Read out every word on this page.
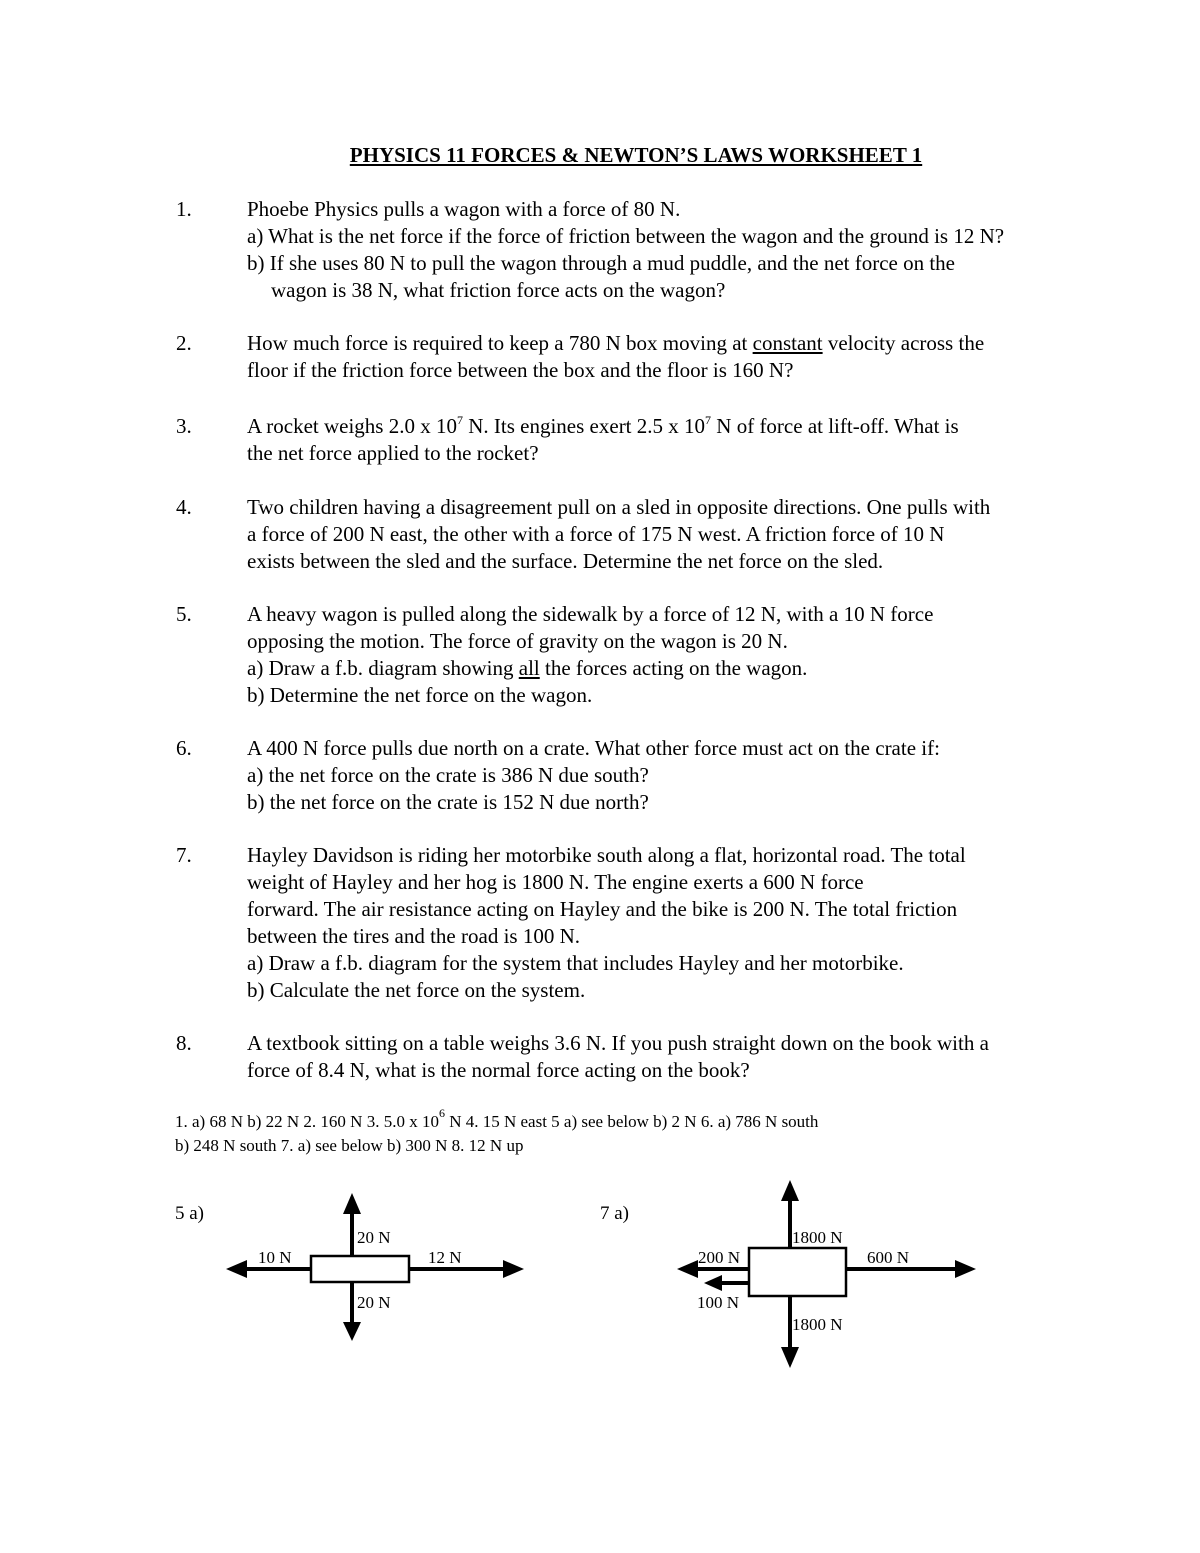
PHYSICS 11 FORCES & NEWTON’S LAWS WORKSHEET 1
1.	Phoebe Physics pulls a wagon with a force of 80 N.
a) What is the net force if the force of friction between the wagon and the ground is 12 N?
b) If she uses 80 N to pull the wagon through a mud puddle, and the net force on the
wagon is 38 N, what friction force acts on the wagon?
2.	How much force is required to keep a 780 N box moving at constant velocity across the
floor if the friction force between the box and the floor is 160 N?
3.	A rocket weighs 2.0 x $10^7$ N. Its engines exert 2.5 x $10^7$ N of force at lift-off. What is
the net force applied to the rocket?
4.	Two children having a disagreement pull on a sled in opposite directions. One pulls with
a force of 200 N east, the other with a force of 175 N west. A friction force of 10 N
exists between the sled and the surface. Determine the net force on the sled.
5.	A heavy wagon is pulled along the sidewalk by a force of 12 N, with a 10 N force
opposing the motion. The force of gravity on the wagon is 20 N.
a) Draw a f.b. diagram showing all the forces acting on the wagon.
b) Determine the net force on the wagon.
6.	A 400 N force pulls due north on a crate. What other force must act on the crate if:
a) the net force on the crate is 386 N due south?
b) the net force on the crate is 152 N due north?
7.	Hayley Davidson is riding her motorbike south along a flat, horizontal road. The total
weight of Hayley and her hog is 1800 N. The engine exerts a 600 N force
forward. The air resistance acting on Hayley and the bike is 200 N. The total friction
between the tires and the road is 100 N.
a) Draw a f.b. diagram for the system that includes Hayley and her motorbike.
b) Calculate the net force on the system.
8.	A textbook sitting on a table weighs 3.6 N. If you push straight down on the book with a
force of 8.4 N, what is the normal force acting on the book?
1. a) 68 N b) 22 N 2. 160 N 3. 5.0 x $10^6$ N 4. 15 N east 5 a) see below b) 2 N 6. a) 786 N south
b) 248 N south 7. a) see below b) 300 N 8. 12 N up
5 a)	7 a)
20 N
20 N
10 N	12 N
1800 N
1800 N
200 N
100 N
600 N
